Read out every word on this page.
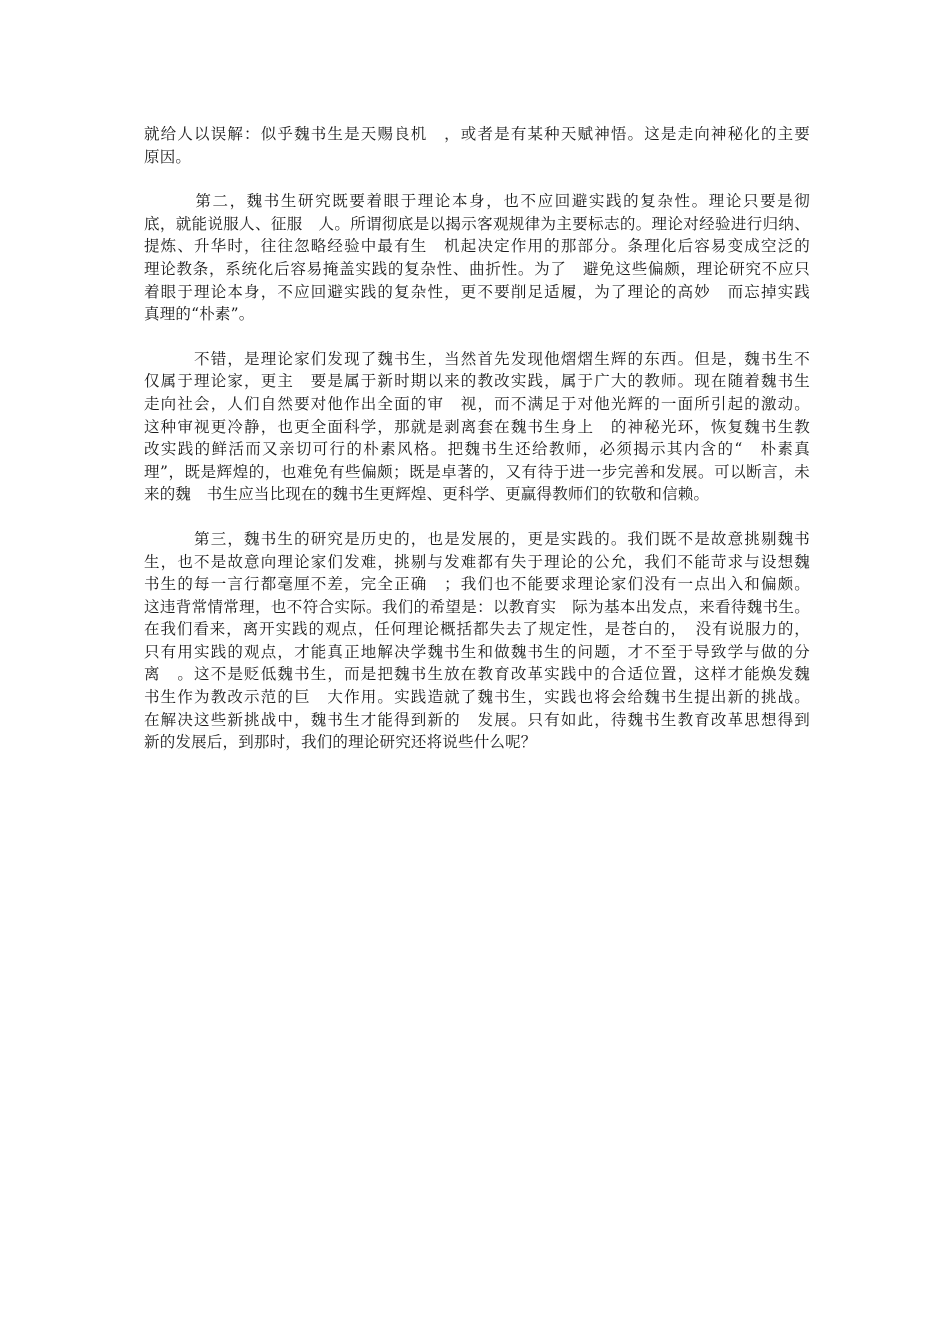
就给人以误解：似乎魏书生是天赐良机　，或者是有某种天赋神悟。这是走向神秘化的主要
原因。
　　　第二，魏书生研究既要着眼于理论本身，也不应回避实践的复杂性。理论只要是彻
底，就能说服人、征服　人。所谓彻底是以揭示客观规律为主要标志的。理论对经验进行归纳、
提炼、升华时，往往忽略经验中最有生　机起决定作用的那部分。条理化后容易变成空泛的
理论教条，系统化后容易掩盖实践的复杂性、曲折性。为了　避免这些偏颇，理论研究不应只
着眼于理论本身，不应回避实践的复杂性，更不要削足适履，为了理论的高妙　而忘掉实践
真理的“朴素”。
　　　不错，是理论家们发现了魏书生，当然首先发现他熠熠生辉的东西。但是，魏书生不
仅属于理论家，更主　要是属于新时期以来的教改实践，属于广大的教师。现在随着魏书生
走向社会，人们自然要对他作出全面的审　视，而不满足于对他光辉的一面所引起的激动。
这种审视更冷静，也更全面科学，那就是剥离套在魏书生身上　的神秘光环，恢复魏书生教
改实践的鲜活而又亲切可行的朴素风格。把魏书生还给教师，必须揭示其内含的“　朴素真
理”，既是辉煌的，也难免有些偏颇；既是卓著的，又有待于进一步完善和发展。可以断言，未
来的魏　书生应当比现在的魏书生更辉煌、更科学、更赢得教师们的钦敬和信赖。
　　　第三，魏书生的研究是历史的，也是发展的，更是实践的。我们既不是故意挑剔魏书
生，也不是故意向理论家们发难，挑剔与发难都有失于理论的公允，我们不能苛求与设想魏
书生的每一言行都毫厘不差，完全正确　；我们也不能要求理论家们没有一点出入和偏颇。
这违背常情常理，也不符合实际。我们的希望是：以教育实　际为基本出发点，来看待魏书生。
在我们看来，离开实践的观点，任何理论概括都失去了规定性，是苍白的，　没有说服力的，
只有用实践的观点，才能真正地解决学魏书生和做魏书生的问题，才不至于导致学与做的分
离　。这不是贬低魏书生，而是把魏书生放在教育改革实践中的合适位置，这样才能焕发魏
书生作为教改示范的巨　大作用。实践造就了魏书生，实践也将会给魏书生提出新的挑战。
在解决这些新挑战中，魏书生才能得到新的　发展。只有如此，待魏书生教育改革思想得到
新的发展后，到那时，我们的理论研究还将说些什么呢？
